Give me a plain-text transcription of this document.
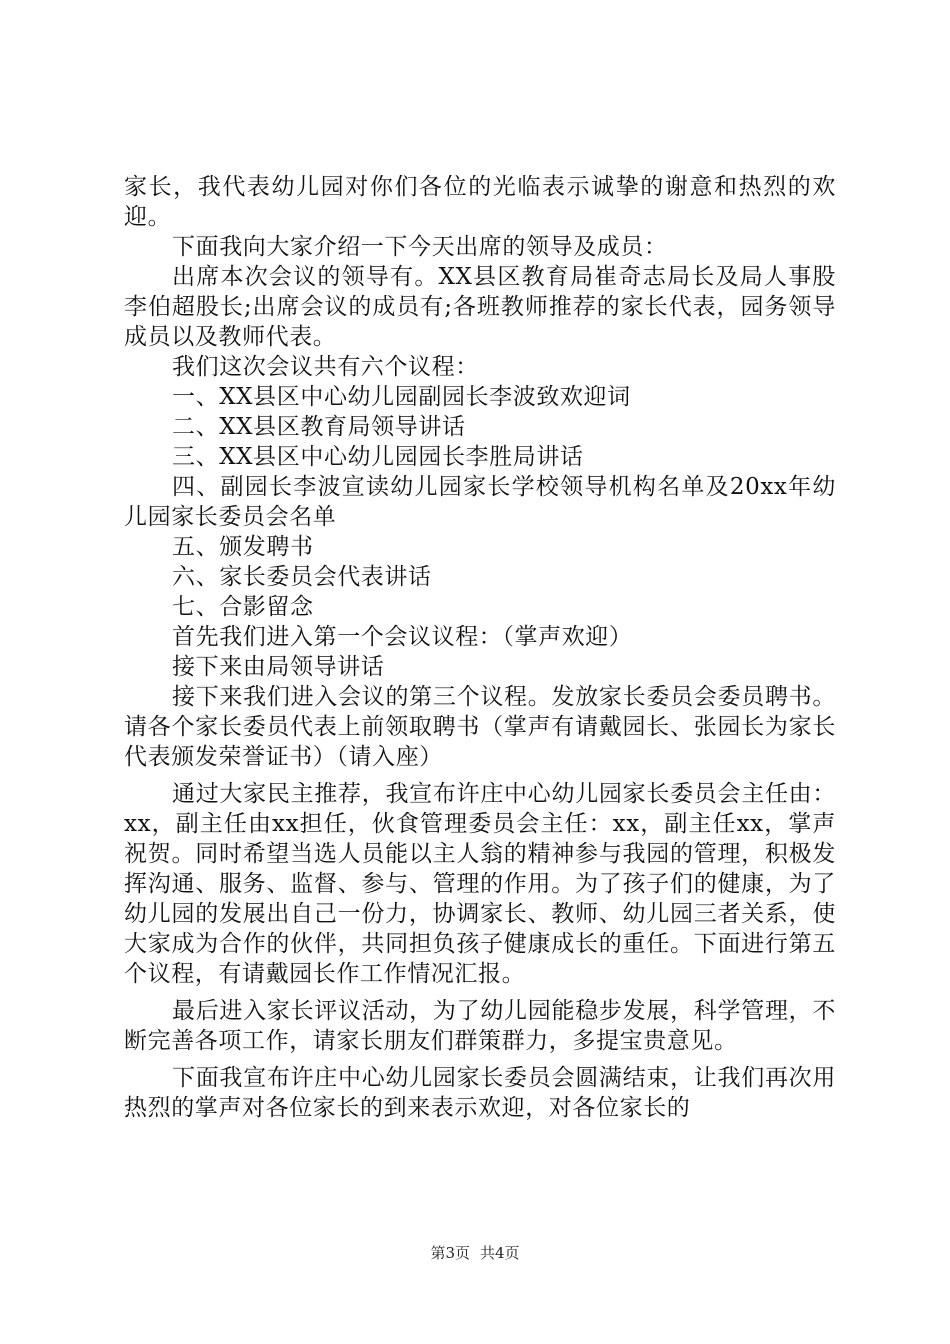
家长，我代表幼儿园对你们各位的光临表示诚挚的谢意和热烈的欢迎。

下面我向大家介绍一下今天出席的领导及成员：

出席本次会议的领导有。XX县区教育局崔奇志局长及局人事股李伯超股长;出席会议的成员有;各班教师推荐的家长代表，园务领导成员以及教师代表。

我们这次会议共有六个议程：

一、XX县区中心幼儿园副园长李波致欢迎词

二、XX县区教育局领导讲话

三、XX县区中心幼儿园园长李胜局讲话

四、副园长李波宣读幼儿园家长学校领导机构名单及20xx年幼儿园家长委员会名单

五、颁发聘书

六、家长委员会代表讲话

七、合影留念

首先我们进入第一个会议议程：（掌声欢迎）

接下来由局领导讲话

接下来我们进入会议的第三个议程。发放家长委员会委员聘书。请各个家长委员代表上前领取聘书（掌声有请戴园长、张园长为家长代表颁发荣誉证书）（请入座）

通过大家民主推荐，我宣布许庄中心幼儿园家长委员会主任由：xx，副主任由xx担任，伙食管理委员会主任：xx，副主任xx，掌声祝贺。同时希望当选人员能以主人翁的精神参与我园的管理，积极发挥沟通、服务、监督、参与、管理的作用。为了孩子们的健康，为了幼儿园的发展出自己一份力，协调家长、教师、幼儿园三者关系，使大家成为合作的伙伴，共同担负孩子健康成长的重任。下面进行第五个议程，有请戴园长作工作情况汇报。

最后进入家长评议活动，为了幼儿园能稳步发展，科学管理，不断完善各项工作，请家长朋友们群策群力，多提宝贵意见。

下面我宣布许庄中心幼儿园家长委员会圆满结束，让我们再次用热烈的掌声对各位家长的到来表示欢迎，对各位家长的

第3页 共4页
